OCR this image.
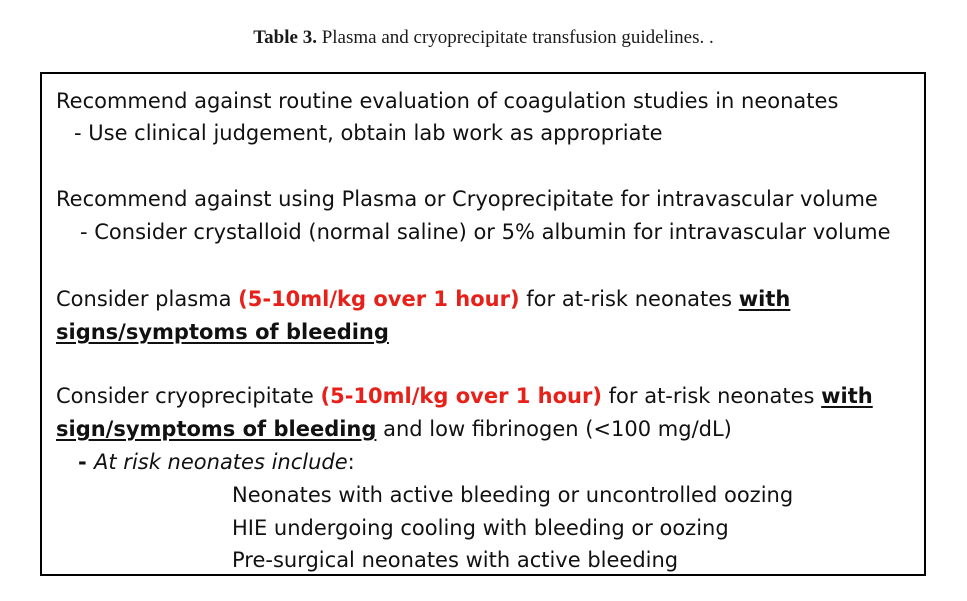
Table 3. Plasma and cryoprecipitate transfusion guidelines. .
Recommend against routine evaluation of coagulation studies in neonates
- Use clinical judgement, obtain lab work as appropriate
Recommend against using Plasma or Cryoprecipitate for intravascular volume
- Consider crystalloid (normal saline) or 5% albumin for intravascular volume
Consider plasma (5-10ml/kg over 1 hour) for at-risk neonates with
signs/symptoms of bleeding
Consider cryoprecipitate (5-10ml/kg over 1 hour) for at-risk neonates with
sign/symptoms of bleeding and low fibrinogen (<100 mg/dL)
- At risk neonates include:
Neonates with active bleeding or uncontrolled oozing
HIE undergoing cooling with bleeding or oozing
Pre-surgical neonates with active bleeding
